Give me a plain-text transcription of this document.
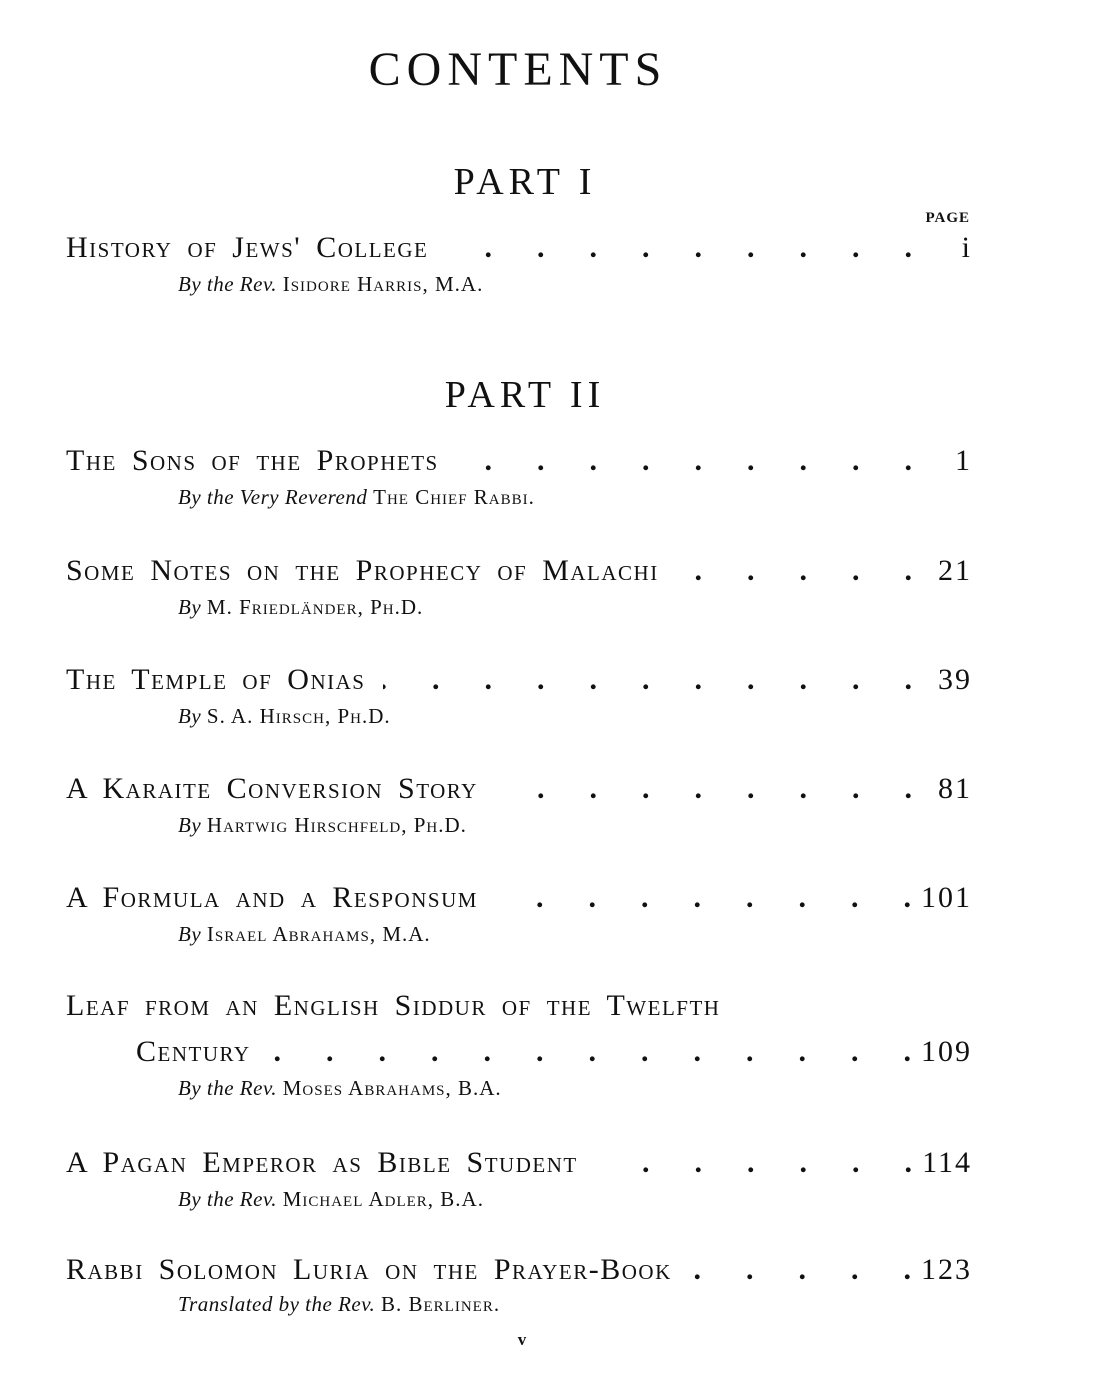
CONTENTS
PART I
PAGE
History of Jews' College .	i
By the Rev. Isidore Harris, M.A.
PART II
The Sons of the Prophets .	1
By the Very Reverend The Chief Rabbi.
Some Notes on the Prophecy of Malachi .	21
By M. Friedländer, Ph.D.
The Temple of Onias .	39
By S. A. Hirsch, Ph.D.
A Karaite Conversion Story .	81
By Hartwig Hirschfeld, Ph.D.
A Formula and a Responsum .	101
By Israel Abrahams, M.A.
Leaf from an English Siddur of the Twelfth
Century .	109
By the Rev. Moses Abrahams, B.A.
A Pagan Emperor as Bible Student .	114
By the Rev. Michael Adler, B.A.
Rabbi Solomon Luria on the Prayer-Book .	123
Translated by the Rev. B. Berliner.
v
